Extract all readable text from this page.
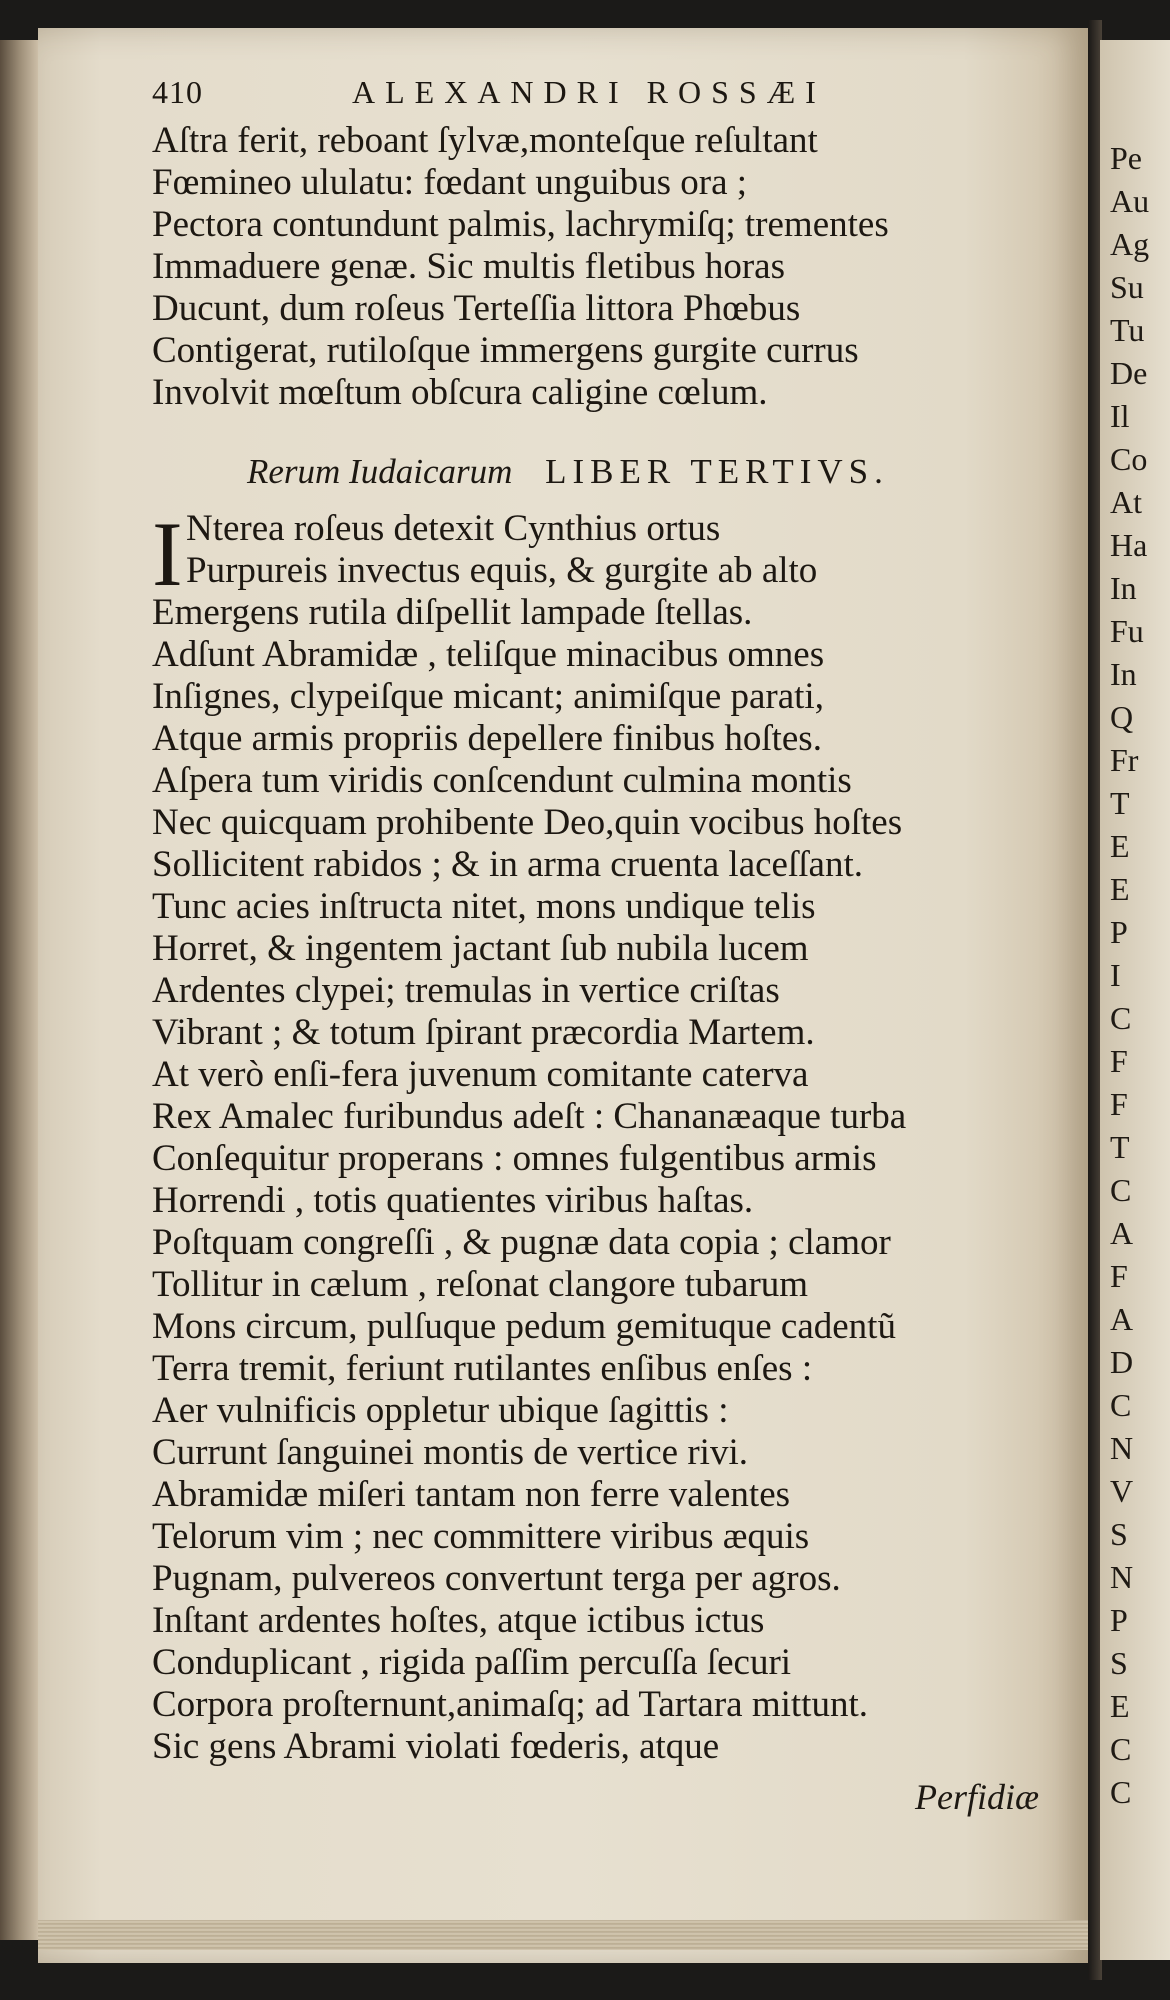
Pe
Au
Ag
Su
Tu
De
Il
Co
At
Ha
In
Fu
In
Q
Fr
T
E
E
P
I
C
F
F
T
C
A
F
A
D
C
N
V
S
N
P
S
E
C
C
410	ALEXANDRI ROSSÆI
Aſtra ferit, reboant ſylvæ,monteſque reſultant
Fœmineo ululatu: fœdant unguibus ora ;
Pectora contundunt palmis, lachrymiſq; trementes
Immaduere genæ. Sic multis fletibus horas
Ducunt, dum roſeus Terteſſia littora Phœbus
Contigerat, rutiloſque immergens gurgite currus
Involvit mœſtum obſcura caligine cœlum.
Rerum Iudaicarum LIBER TERTIVS.
I Nterea roſeus detexit Cynthius ortus
Purpureis invectus equis, & gurgite ab alto
Emergens rutila diſpellit lampade ſtellas.
Adſunt Abramidæ , teliſque minacibus omnes
Inſignes, clypeiſque micant; animiſque parati,
Atque armis propriis depellere finibus hoſtes.
Aſpera tum viridis conſcendunt culmina montis
Nec quicquam prohibente Deo,quin vocibus hoſtes
Sollicitent rabidos ; & in arma cruenta laceſſant.
Tunc acies inſtructa nitet, mons undique telis
Horret, & ingentem jactant ſub nubila lucem
Ardentes clypei; tremulas in vertice criſtas
Vibrant ; & totum ſpirant præcordia Martem.
At verò enſi-fera juvenum comitante caterva
Rex Amalec furibundus adeſt : Chananæaque turba
Conſequitur properans : omnes fulgentibus armis
Horrendi , totis quatientes viribus haſtas.
Poſtquam congreſſi , & pugnæ data copia ; clamor
Tollitur in cælum , reſonat clangore tubarum
Mons circum, pulſuque pedum gemituque cadentũ
Terra tremit, feriunt rutilantes enſibus enſes :
Aer vulnificis oppletur ubique ſagittis :
Currunt ſanguinei montis de vertice rivi.
Abramidæ miſeri tantam non ferre valentes
Telorum vim ; nec committere viribus æquis
Pugnam, pulvereos convertunt terga per agros.
Inſtant ardentes hoſtes, atque ictibus ictus
Conduplicant , rigida paſſim percuſſa ſecuri
Corpora proſternunt,animaſq; ad Tartara mittunt.
Sic gens Abrami violati fœderis, atque
Perfidiæ
